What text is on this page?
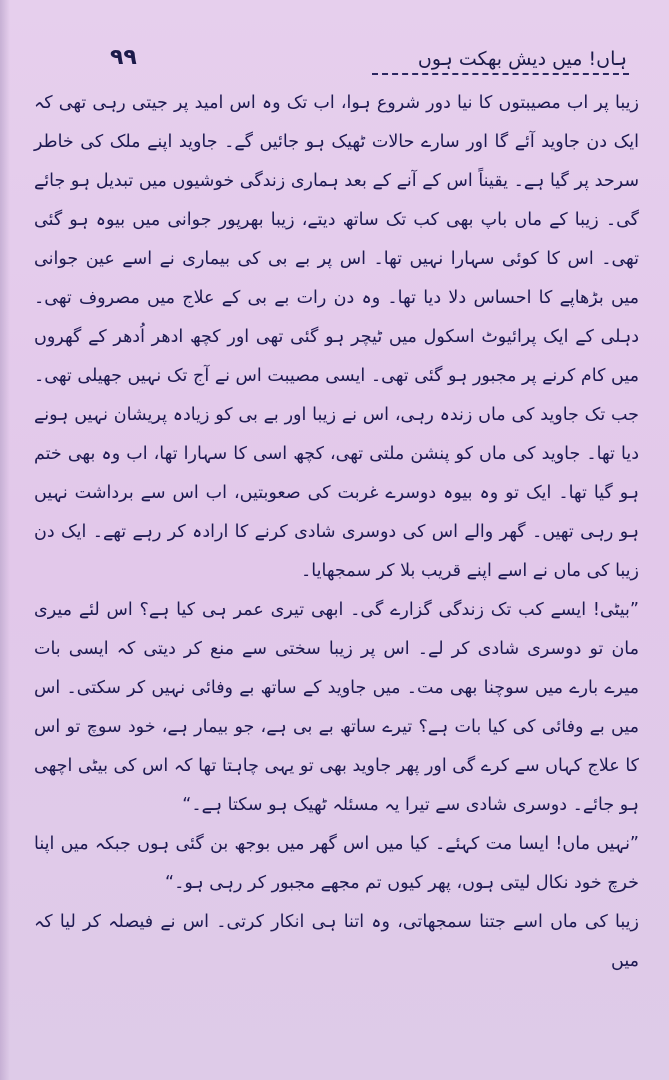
۹۹	ہاں! میں دیش بھکت ہوں

زیبا پر اب مصیبتوں کا نیا دور شروع ہوا، اب تک وہ اس امید پر جیتی رہی تھی کہ ایک دن جاوید آئے گا اور سارے حالات ٹھیک ہو جائیں گے۔ جاوید اپنے ملک کی خاطر سرحد پر گیا ہے۔ یقیناً اس کے آنے کے بعد ہماری زندگی خوشیوں میں تبدیل ہو جائے گی۔ زیبا کے ماں باپ بھی کب تک ساتھ دیتے، زیبا بھرپور جوانی میں بیوہ ہو گئی تھی۔ اس کا کوئی سہارا نہیں تھا۔ اس پر بے بی کی بیماری نے اسے عین جوانی میں بڑھاپے کا احساس دلا دیا تھا۔ وہ دن رات بے بی کے علاج میں مصروف تھی۔ دہلی کے ایک پرائیوٹ اسکول میں ٹیچر ہو گئی تھی اور کچھ ادھر اُدھر کے گھروں میں کام کرنے پر مجبور ہو گئی تھی۔ ایسی مصیبت اس نے آج تک نہیں جھیلی تھی۔ جب تک جاوید کی ماں زندہ رہی، اس نے زیبا اور بے بی کو زیادہ پریشان نہیں ہونے دیا تھا۔ جاوید کی ماں کو پنشن ملتی تھی، کچھ اسی کا سہارا تھا، اب وہ بھی ختم ہو گیا تھا۔ ایک تو وہ بیوہ دوسرے غربت کی صعوبتیں، اب اس سے برداشت نہیں ہو رہی تھیں۔ گھر والے اس کی دوسری شادی کرنے کا ارادہ کر رہے تھے۔ ایک دن زیبا کی ماں نے اسے اپنے قریب بلا کر سمجھایا۔

”بیٹی! ایسے کب تک زندگی گزارے گی۔ ابھی تیری عمر ہی کیا ہے؟ اس لئے میری مان تو دوسری شادی کر لے۔ اس پر زیبا سختی سے منع کر دیتی کہ ایسی بات میرے بارے میں سوچنا بھی مت۔ میں جاوید کے ساتھ بے وفائی نہیں کر سکتی۔ اس میں بے وفائی کی کیا بات ہے؟ تیرے ساتھ بے بی ہے، جو بیمار ہے، خود سوچ تو اس کا علاج کہاں سے کرے گی اور پھر جاوید بھی تو یہی چاہتا تھا کہ اس کی بیٹی اچھی ہو جائے۔ دوسری شادی سے تیرا یہ مسئلہ ٹھیک ہو سکتا ہے۔“

”نہیں ماں! ایسا مت کہئے۔ کیا میں اس گھر میں بوجھ بن گئی ہوں جبکہ میں اپنا خرچ خود نکال لیتی ہوں، پھر کیوں تم مجھے مجبور کر رہی ہو۔“

زیبا کی ماں اسے جتنا سمجھاتی، وہ اتنا ہی انکار کرتی۔ اس نے فیصلہ کر لیا کہ میں
